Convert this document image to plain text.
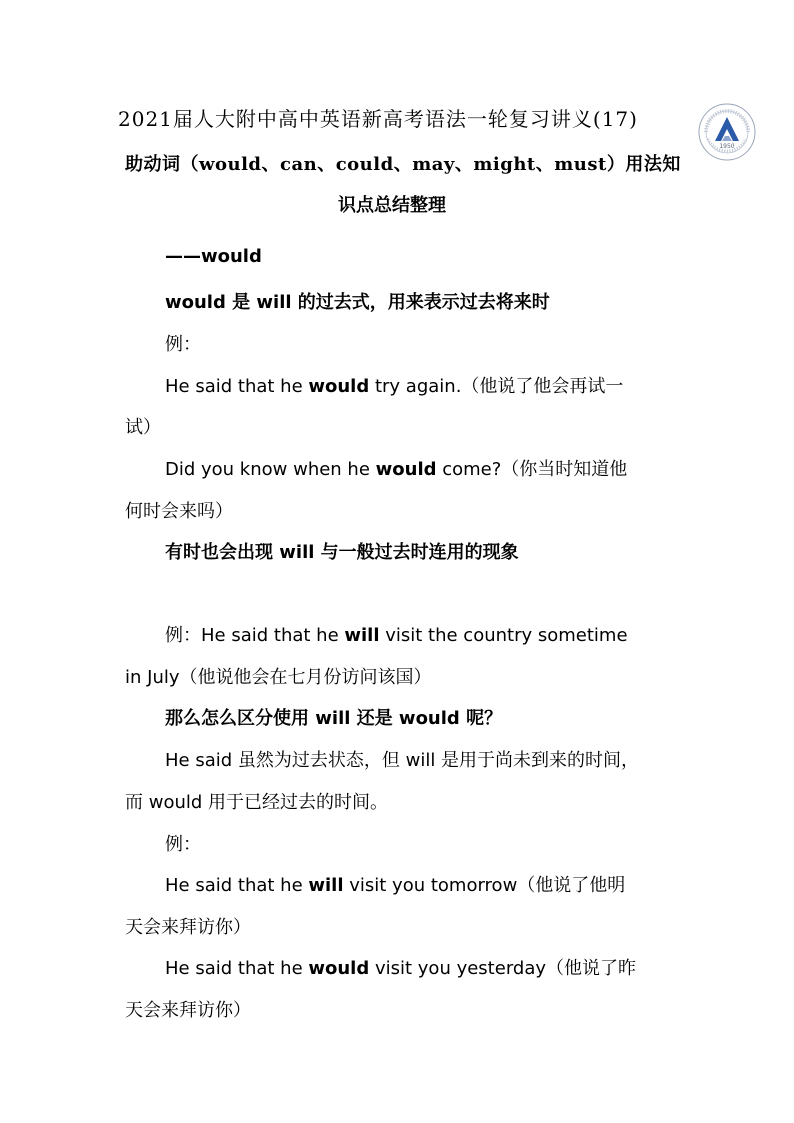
2021届人大附中高中英语新高考语法一轮复习讲义(17)
助动词（would、can、could、may、might、must）用法知
识点总结整理
1950
——would
would 是 will 的过去式，用来表示过去将来时
例：
He said that he would try again.（他说了他会再试一
试）
Did you know when he would come?（你当时知道他
何时会来吗）
有时也会出现 will 与一般过去时连用的现象
例：He said that he will visit the country sometime
in July（他说他会在七月份访问该国）
那么怎么区分使用 will 还是 would 呢？
He said 虽然为过去状态，但 will 是用于尚未到来的时间，
而 would 用于已经过去的时间。
例：
He said that he will visit you tomorrow（他说了他明
天会来拜访你）
He said that he would visit you yesterday（他说了昨
天会来拜访你）
